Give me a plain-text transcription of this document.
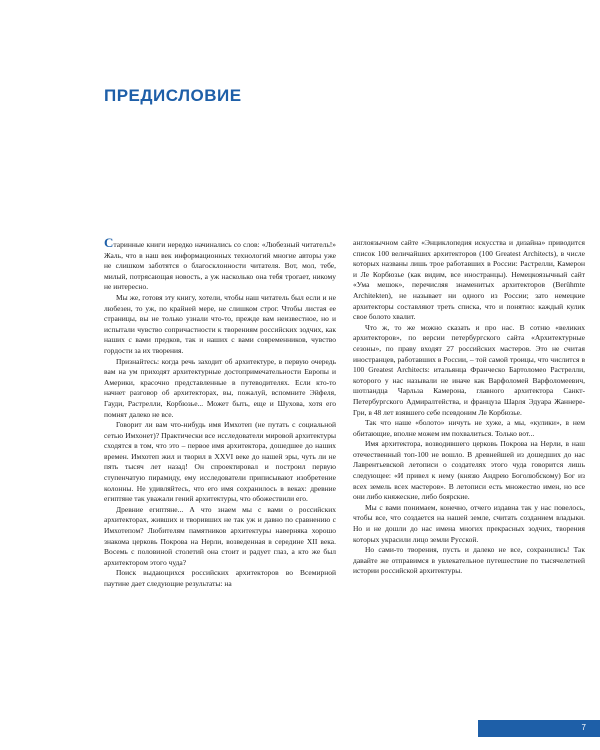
ПРЕДИСЛОВИЕ

Старинные книги нередко начинались со слов: «Любезный читатель!» Жаль, что в наш век информационных технологий многие авторы уже не слишком заботятся о благосклонности читателя. Вот, мол, тебе, милый, потрясающая новость, а уж насколько она тебя трогает, никому не интересно.

Мы же, готовя эту книгу, хотели, чтобы наш читатель был если и не любезен, то уж, по крайней мере, не слишком строг. Чтобы листая ее страницы, вы не только узнали что-то, прежде вам неизвестное, но и испытали чувство сопричастности к творениям российских зодчих, как наших с вами предков, так и наших с вами современников, чувство гордости за их творения.

Признайтесь: когда речь заходит об архитектуре, в первую очередь вам на ум приходят архитектурные достопримечательности Европы и Америки, красочно представленные в путеводителях. Если кто-то начнет разговор об архитекторах, вы, пожалуй, вспомните Эйфеля, Гауди, Растрелли, Корбюзье... Может быть, еще и Шухова, хотя его помнят далеко не все.

Говорит ли вам что-нибудь имя Имхотеп (не путать с социальной сетью Имхонет)? Практически все исследователи мировой архитектуры сходятся в том, что это – первое имя архитектора, дошедшее до наших времен. Имхотеп жил и творил в XXVI веке до нашей эры, чуть ли не пять тысяч лет назад! Он спроектировал и построил первую ступенчатую пирамиду, ему исследователи приписывают изобретение колонны. Не удивляйтесь, что его имя сохранилось в веках: древние египтяне так уважали гений архитектуры, что обожествили его.

Древние египтяне... А что знаем мы с вами о российских архитекторах, живших и творивших не так уж и давно по сравнению с Имхотепом? Любителям памятников архитектуры наверняка хорошо знакома церковь Покрова на Нерли, возведенная в середине XII века. Восемь с половиной столетий она стоит и радует глаз, а кто же был архитектором этого чуда?

Поиск выдающихся российских архитекторов во Всемирной паутине дает следующие результаты: на

англоязычном сайте «Энциклопедия искусства и дизайна» приводится список 100 величайших архитекторов (100 Greatest Architects), в числе которых названы лишь трое работавших в России: Растрелли, Камерон и Ле Корбюзье (как видим, все иностранцы). Немецкоязычный сайт «Ума мешок», перечисляя знаменитых архитекторов (Berühmte Architekten), не называет ни одного из России; зато немецкие архитекторы составляют треть списка, что и понятно: каждый кулик свое болото хвалит.

Что ж, то же можно сказать и про нас. В сотню «великих архитекторов», по версии петербургского сайта «Архитектурные сезоны», по праву входят 27 российских мастеров. Это не считая иностранцев, работавших в России, – той самой троицы, что числится в 100 Greatest Architects: итальянца Франческо Бартоломео Растрелли, которого у нас называли не иначе как Варфоломей Варфоломеевич, шотландца Чарльза Камерона, главного архитектора Санкт-Петербургского Адмиралтейства, и француза Шарля Эдуара Жаннере-Гри, в 48 лет взявшего себе псевдоним Ле Корбюзье.

Так что наше «болото» ничуть не хуже, а мы, «кулики», в нем обитающие, вполне можем им похвалиться. Только вот...

Имя архитектора, возводившего церковь Покрова на Нерли, в наш отечественный топ-100 не вошло. В древнейшей из дошедших до нас Лаврентьевской летописи о создателях этого чуда говорится лишь следующее: «И привел к нему (князю Андрею Боголюбскому) Бог из всех земель всех мастеров». В летописи есть множество имен, но все они либо княжеские, либо боярские.

Мы с вами понимаем, конечно, отчего издавна так у нас повелось, чтобы все, что создается на нашей земле, считать созданием владыки. Но и не дошли до нас имена многих прекрасных зодчих, творения которых украсили лицо земли Русской.

Но сами-то творения, пусть и далеко не все, сохранились! Так давайте же отправимся в увлекательное путешествие по тысячелетней истории российской архитектуры.

7
